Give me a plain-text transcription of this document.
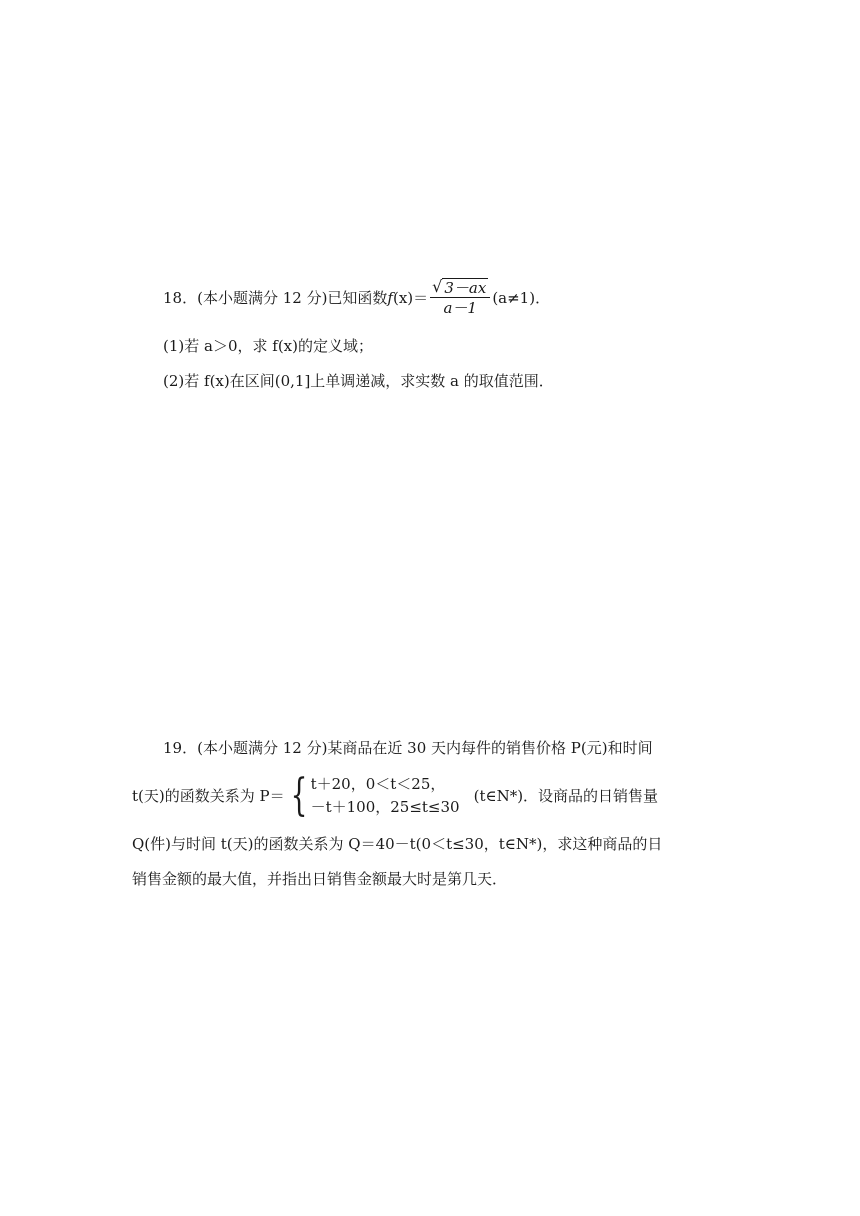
18．(本小题满分 12 分)已知函数$f(x)= \frac{√ 3-ax}{a-1} (a\ne 1)$．
(1)若 a＞0，求 f(x)的定义域；
(2)若 f(x)在区间(0,1]上单调递减，求实数 a 的取值范围．
19．(本小题满分 12 分)某商品在近 30 天内每件的销售价格 P(元)和时间
t(天)的函数关系为 P＝ { t＋20，0＜t＜25，
－t＋100，25≤t≤30
(t∈N*)．设商品的日销售量
Q(件)与时间 t(天)的函数关系为 Q＝40－t(0＜t≤30，t∈N*)，求这种商品的日
销售金额的最大值，并指出日销售金额最大时是第几天．
